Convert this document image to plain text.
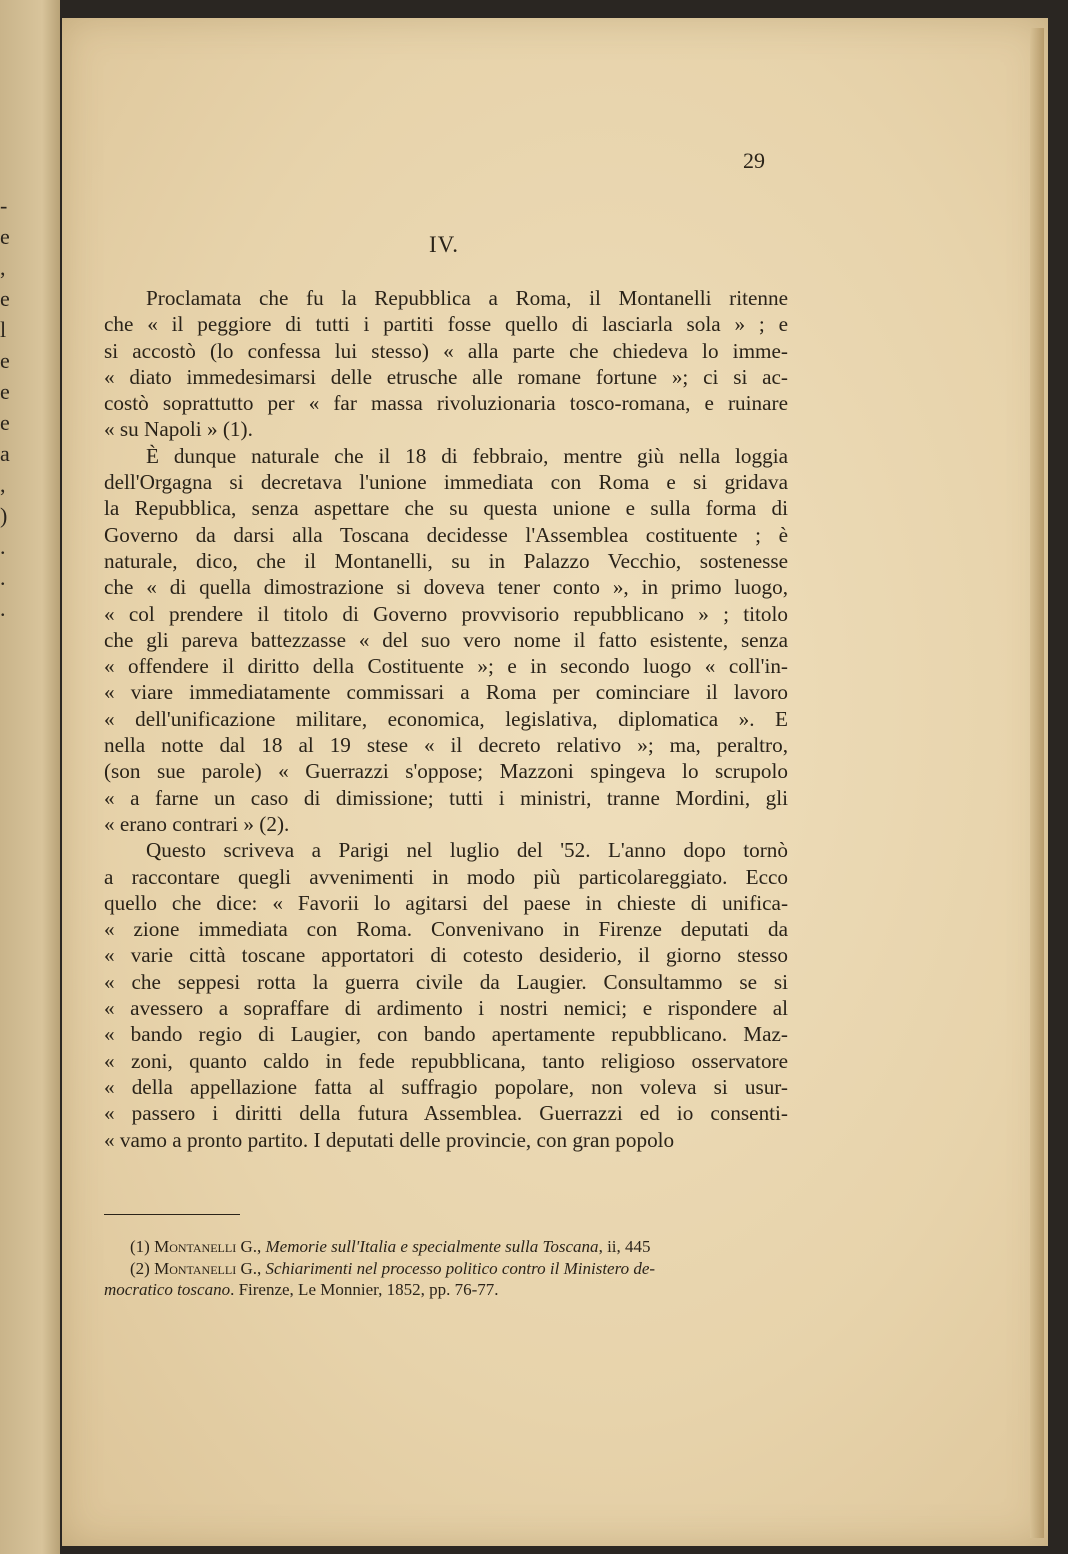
-
e
,
e
l
e
e
e
a
,
)
.
.
.
29
IV.
Proclamata che fu la Repubblica a Roma, il Montanelli ritenne
che « il peggiore di tutti i partiti fosse quello di lasciarla sola » ; e
si accostò (lo confessa lui stesso) « alla parte che chiedeva lo imme-
« diato immedesimarsi delle etrusche alle romane fortune »; ci si ac-
costò soprattutto per « far massa rivoluzionaria tosco-romana, e ruinare
« su Napoli » (1).
È dunque naturale che il 18 di febbraio, mentre giù nella loggia
dell'Orgagna si decretava l'unione immediata con Roma e si gridava
la Repubblica, senza aspettare che su questa unione e sulla forma di
Governo da darsi alla Toscana decidesse l'Assemblea costituente ; è
naturale, dico, che il Montanelli, su in Palazzo Vecchio, sostenesse
che « di quella dimostrazione si doveva tener conto », in primo luogo,
« col prendere il titolo di Governo provvisorio repubblicano » ; titolo
che gli pareva battezzasse « del suo vero nome il fatto esistente, senza
« offendere il diritto della Costituente »; e in secondo luogo « coll'in-
« viare immediatamente commissari a Roma per cominciare il lavoro
« dell'unificazione militare, economica, legislativa, diplomatica ». E
nella notte dal 18 al 19 stese « il decreto relativo »; ma, peraltro,
(son sue parole) « Guerrazzi s'oppose; Mazzoni spingeva lo scrupolo
« a farne un caso di dimissione; tutti i ministri, tranne Mordini, gli
« erano contrari » (2).
Questo scriveva a Parigi nel luglio del '52. L'anno dopo tornò
a raccontare quegli avvenimenti in modo più particolareggiato. Ecco
quello che dice: « Favorii lo agitarsi del paese in chieste di unifica-
« zione immediata con Roma. Convenivano in Firenze deputati da
« varie città toscane apportatori di cotesto desiderio, il giorno stesso
« che seppesi rotta la guerra civile da Laugier. Consultammo se si
« avessero a sopraffare di ardimento i nostri nemici; e rispondere al
« bando regio di Laugier, con bando apertamente repubblicano. Maz-
« zoni, quanto caldo in fede repubblicana, tanto religioso osservatore
« della appellazione fatta al suffragio popolare, non voleva si usur-
« passero i diritti della futura Assemblea. Guerrazzi ed io consenti-
« vamo a pronto partito. I deputati delle provincie, con gran popolo
(1) Montanelli G., Memorie sull'Italia e specialmente sulla Toscana, ii, 445
(2) Montanelli G., Schiarimenti nel processo politico contro il Ministero de-
mocratico toscano. Firenze, Le Monnier, 1852, pp. 76-77.
